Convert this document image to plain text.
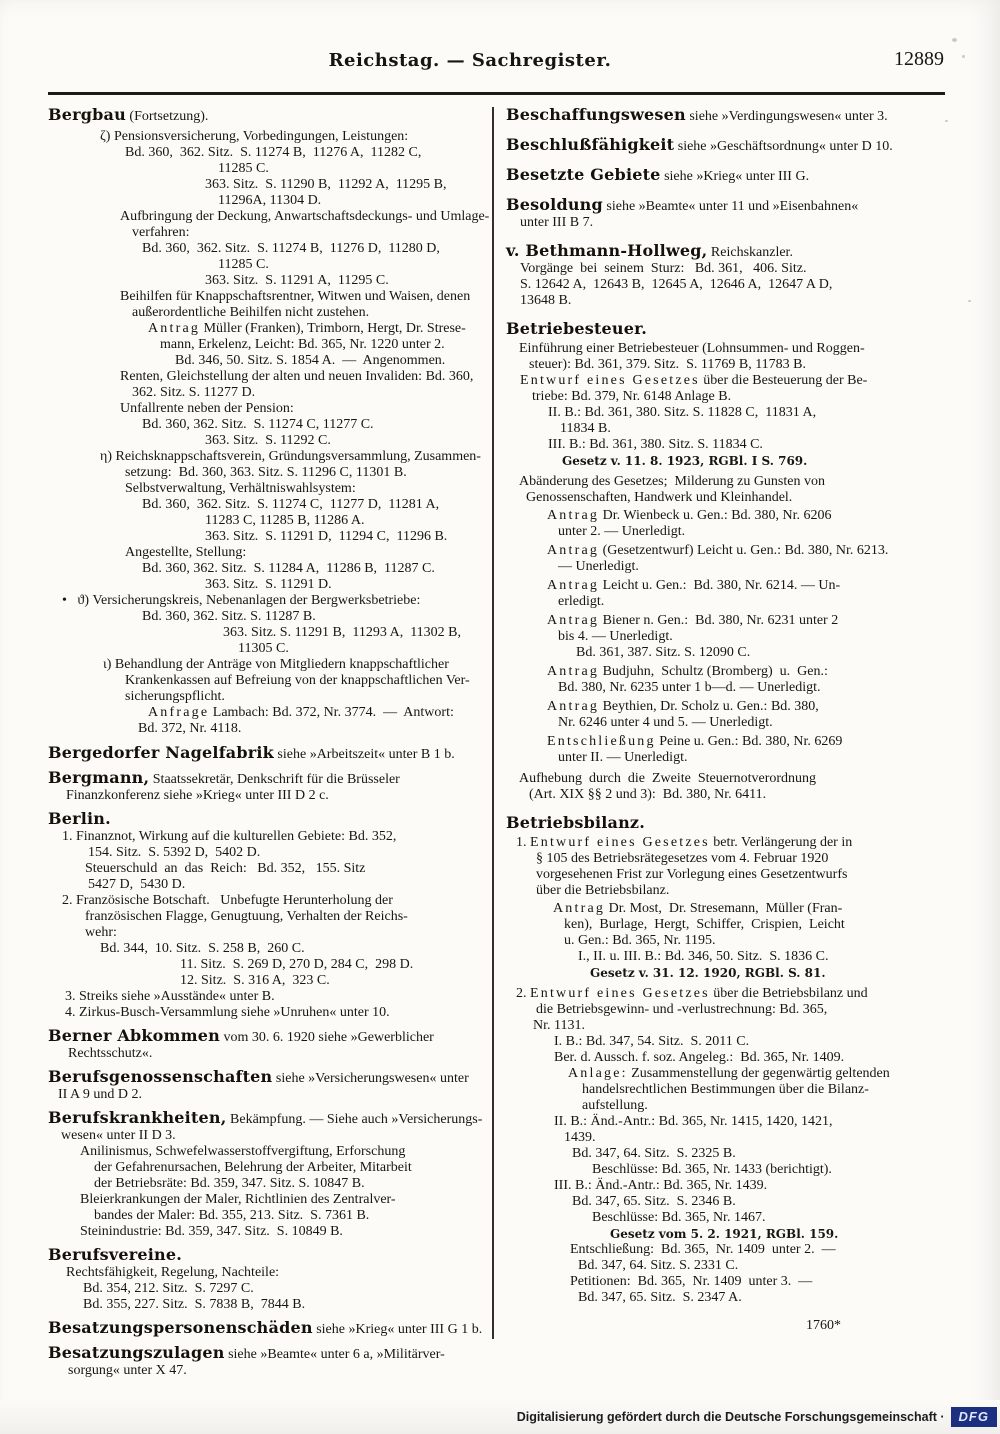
Reichstag. — Sachregister.	12889
Bergbau (Fortsetzung).
ζ) Pensionsversicherung, Vorbedingungen, Leistungen:
Bd. 360,  362. Sitz.  S. 11274 B,  11276 A,  11282 C,
11285 C.
363. Sitz.  S. 11290 B,  11292 A,  11295 B,
11296A, 11304 D.
Aufbringung der Deckung, Anwartschaftsdeckungs- und Umlage-
verfahren:
Bd. 360,  362. Sitz.  S. 11274 B,  11276 D,  11280 D,
11285 C.
363. Sitz.  S. 11291 A,  11295 C.
Beihilfen für Knappschaftsrentner, Witwen und Waisen, denen
außerordentliche Beihilfen nicht zustehen.
Antrag Müller (Franken), Trimborn, Hergt, Dr. Strese-
mann, Erkelenz, Leicht: Bd. 365, Nr. 1220 unter 2.
Bd. 346, 50. Sitz. S. 1854 A.  —  Angenommen.
Renten, Gleichstellung der alten und neuen Invaliden: Bd. 360,
362. Sitz. S. 11277 D.
Unfallrente neben der Pension:
Bd. 360, 362. Sitz.  S. 11274 C, 11277 C.
363. Sitz.  S. 11292 C.
η) Reichsknappschaftsverein, Gründungsversammlung, Zusammen-
setzung:  Bd. 360, 363. Sitz. S. 11296 C, 11301 B.
Selbstverwaltung, Verhältniswahlsystem:
Bd. 360,  362. Sitz.  S. 11274 C,  11277 D,  11281 A,
11283 C, 11285 B, 11286 A.
363. Sitz.  S. 11291 D,  11294 C,  11296 B.
Angestellte, Stellung:
Bd. 360, 362. Sitz.  S. 11284 A,  11286 B,  11287 C.
363. Sitz.  S. 11291 D.
•   ϑ) Versicherungskreis, Nebenanlagen der Bergwerksbetriebe:
Bd. 360, 362. Sitz. S. 11287 B.
363. Sitz. S. 11291 B,  11293 A,  11302 B,
11305 C.
ι) Behandlung der Anträge von Mitgliedern knappschaftlicher
Krankenkassen auf Befreiung von der knappschaftlichen Ver-
sicherungspflicht.
Anfrage Lambach: Bd. 372, Nr. 3774.  —  Antwort:
Bd. 372, Nr. 4118.
Bergedorfer Nagelfabrik siehe »Arbeitszeit« unter B 1 b.
Bergmann, Staatssekretär, Denkschrift für die Brüsseler
Finanzkonferenz siehe »Krieg« unter III D 2 c.
Berlin.
1. Finanznot, Wirkung auf die kulturellen Gebiete: Bd. 352,
154. Sitz.  S. 5392 D,  5402 D.
Steuerschuld  an  das  Reich:   Bd. 352,   155. Sitz
5427 D,  5430 D.
2. Französische Botschaft.   Unbefugte Herunterholung der
französischen Flagge, Genugtuung, Verhalten der Reichs-
wehr:
Bd. 344,  10. Sitz.  S. 258 B,  260 C.
11. Sitz.  S. 269 D, 270 D, 284 C,  298 D.
12. Sitz.  S. 316 A,  323 C.
3. Streiks siehe »Ausstände« unter B.
4. Zirkus-Busch-Versammlung siehe »Unruhen« unter 10.
Berner Abkommen vom 30. 6. 1920 siehe »Gewerblicher
Rechtsschutz«.
Berufsgenossenschaften siehe »Versicherungswesen« unter
II A 9 und D 2.
Berufskrankheiten, Bekämpfung. — Siehe auch »Versicherungs-
wesen« unter II D 3.
Anilinismus, Schwefelwasserstoffvergiftung, Erforschung
der Gefahrenursachen, Belehrung der Arbeiter, Mitarbeit
der Betriebsräte: Bd. 359, 347. Sitz. S. 10847 B.
Bleierkrankungen der Maler, Richtlinien des Zentralver-
bandes der Maler: Bd. 355, 213. Sitz.  S. 7361 B.
Steinindustrie: Bd. 359, 347. Sitz.  S. 10849 B.
Berufsvereine.
Rechtsfähigkeit, Regelung, Nachteile:
Bd. 354, 212. Sitz.  S. 7297 C.
Bd. 355, 227. Sitz.  S. 7838 B,  7844 B.
Besatzungspersonenschäden siehe »Krieg« unter III G 1 b.
Besatzungszulagen siehe »Beamte« unter 6 a, »Militärver-
sorgung« unter X 47.
Beschaffungswesen siehe »Verdingungswesen« unter 3.
Beschlußfähigkeit siehe »Geschäftsordnung« unter D 10.
Besetzte Gebiete siehe »Krieg« unter III G.
Besoldung siehe »Beamte« unter 11 und »Eisenbahnen«
unter III B 7.
v. Bethmann-Hollweg, Reichskanzler.
Vorgänge  bei  seinem  Sturz:   Bd. 361,   406. Sitz.
S. 12642 A,  12643 B,  12645 A,  12646 A,  12647 A D,
13648 B.
Betriebesteuer.
Einführung einer Betriebesteuer (Lohnsummen- und Roggen-
steuer): Bd. 361, 379. Sitz.  S. 11769 B, 11783 B.
Entwurf eines Gesetzes über die Besteuerung der Be-
triebe: Bd. 379, Nr. 6148 Anlage B.
II. B.: Bd. 361, 380. Sitz. S. 11828 C,  11831 A,
11834 B.
III. B.: Bd. 361, 380. Sitz. S. 11834 C.
Gesetz v. 11. 8. 1923, RGBl. I S. 769.
Abänderung des Gesetzes;  Milderung zu Gunsten von
Genossenschaften, Handwerk und Kleinhandel.
Antrag Dr. Wienbeck u. Gen.: Bd. 380, Nr. 6206
unter 2. — Unerledigt.
Antrag (Gesetzentwurf) Leicht u. Gen.: Bd. 380, Nr. 6213.
— Unerledigt.
Antrag Leicht u. Gen.:  Bd. 380, Nr. 6214. — Un-
erledigt.
Antrag Biener n. Gen.:  Bd. 380, Nr. 6231 unter 2
bis 4. — Unerledigt.
Bd. 361, 387. Sitz. S. 12090 C.
Antrag Budjuhn,  Schultz (Bromberg)  u.  Gen.:
Bd. 380, Nr. 6235 unter 1 b—d. — Unerledigt.
Antrag Beythien, Dr. Scholz u. Gen.: Bd. 380,
Nr. 6246 unter 4 und 5. — Unerledigt.
Entschließung Peine u. Gen.: Bd. 380, Nr. 6269
unter II. — Unerledigt.
Aufhebung  durch  die  Zweite  Steuernotverordnung
(Art. XIX §§ 2 und 3):  Bd. 380, Nr. 6411.
Betriebsbilanz.
1. Entwurf eines Gesetzes betr. Verlängerung der in
§ 105 des Betriebsrätegesetzes vom 4. Februar 1920
vorgesehenen Frist zur Vorlegung eines Gesetzentwurfs
über die Betriebsbilanz.
Antrag Dr. Most,  Dr. Stresemann,  Müller (Fran-
ken),  Burlage,  Hergt,  Schiffer,  Crispien,  Leicht
u. Gen.: Bd. 365, Nr. 1195.
I., II. u. III. B.: Bd. 346, 50. Sitz.  S. 1836 C.
Gesetz v. 31. 12. 1920, RGBl. S. 81.
2. Entwurf eines Gesetzes über die Betriebsbilanz und
die Betriebsgewinn- und -verlustrechnung: Bd. 365,
Nr. 1131.
I. B.: Bd. 347, 54. Sitz.  S. 2011 C.
Ber. d. Aussch. f. soz. Angeleg.:  Bd. 365, Nr. 1409.
Anlage: Zusammenstellung der gegenwärtig geltenden
handelsrechtlichen Bestimmungen über die Bilanz-
aufstellung.
II. B.: Änd.-Antr.: Bd. 365, Nr. 1415, 1420, 1421,
1439.
Bd. 347, 64. Sitz.  S. 2325 B.
Beschlüsse: Bd. 365, Nr. 1433 (berichtigt).
III. B.: Änd.-Antr.: Bd. 365, Nr. 1439.
Bd. 347, 65. Sitz.  S. 2346 B.
Beschlüsse: Bd. 365, Nr. 1467.
Gesetz vom 5. 2. 1921, RGBl. 159.
Entschließung:  Bd. 365,  Nr. 1409  unter 2.  —
Bd. 347, 64. Sitz. S. 2331 C.
Petitionen:  Bd. 365,  Nr. 1409  unter 3.  —
Bd. 347, 65. Sitz.  S. 2347 A.
1760*
Digitalisierung gefördert durch die Deutsche Forschungsgemeinschaft ·	DFG
